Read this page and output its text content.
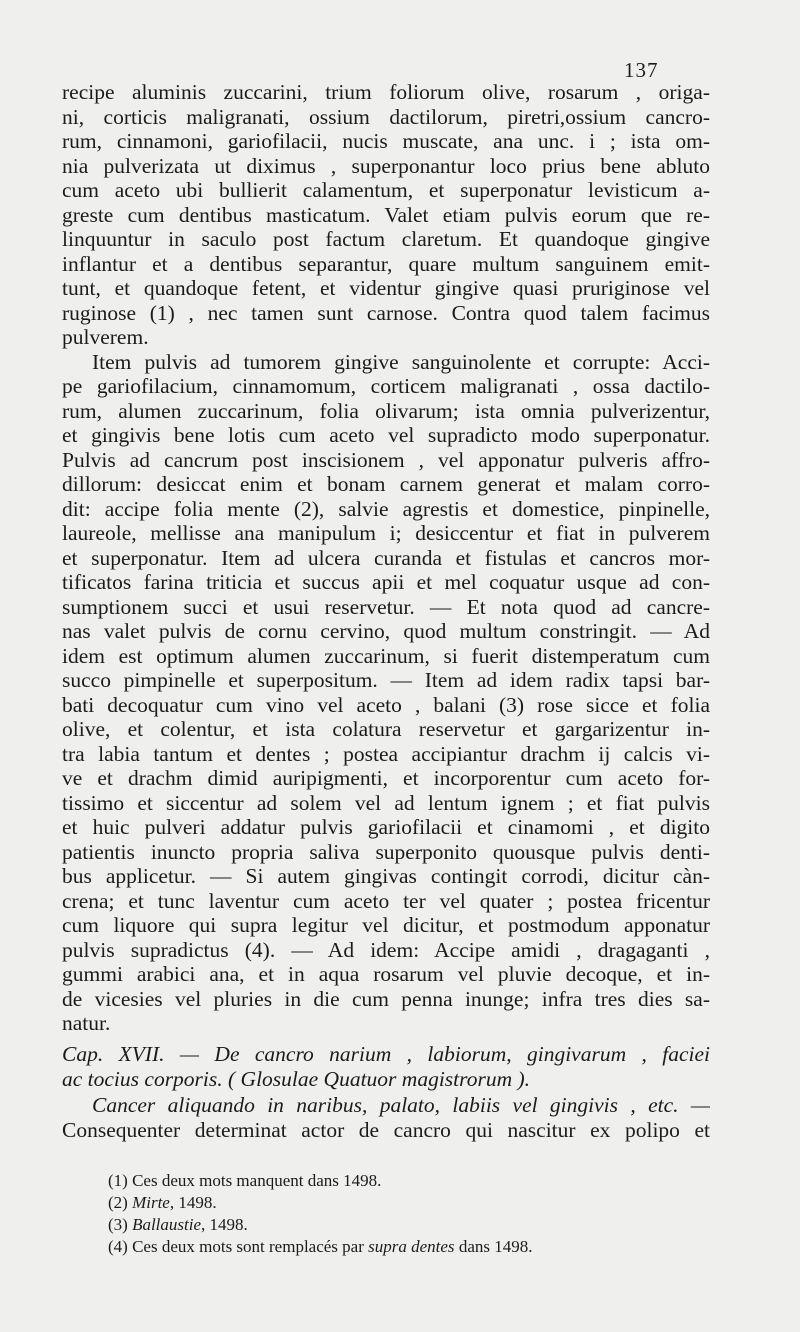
137
recipe aluminis zuccarini, trium foliorum olive, rosarum , origa-
ni, corticis maligranati, ossium dactilorum, piretri,ossium cancro-
rum, cinnamoni, gariofilacii, nucis muscate, ana unc. i ; ista om-
nia pulverizata ut diximus , superponantur loco prius bene abluto
cum aceto ubi bullierit calamentum, et superponatur levisticum a-
greste cum dentibus masticatum. Valet etiam pulvis eorum que re-
linquuntur in saculo post factum claretum. Et quandoque gingive
inflantur et a dentibus separantur, quare multum sanguinem emit-
tunt, et quandoque fetent, et videntur gingive quasi pruriginose vel
ruginose (1) , nec tamen sunt carnose. Contra quod talem facimus
pulverem.
Item pulvis ad tumorem gingive sanguinolente et corrupte: Acci-
pe gariofilacium, cinnamomum, corticem maligranati , ossa dactilo-
rum, alumen zuccarinum, folia olivarum; ista omnia pulverizentur,
et gingivis bene lotis cum aceto vel supradicto modo superponatur.
Pulvis ad cancrum post inscisionem , vel apponatur pulveris affro-
dillorum: desiccat enim et bonam carnem generat et malam corro-
dit: accipe folia mente (2), salvie agrestis et domestice, pinpinelle,
laureole, mellisse ana manipulum i; desiccentur et fiat in pulverem
et superponatur. Item ad ulcera curanda et fistulas et cancros mor-
tificatos farina triticia et succus apii et mel coquatur usque ad con-
sumptionem succi et usui reservetur. — Et nota quod ad cancre-
nas valet pulvis de cornu cervino, quod multum constringit. — Ad
idem est optimum alumen zuccarinum, si fuerit distemperatum cum
succo pimpinelle et superpositum. — Item ad idem radix tapsi bar-
bati decoquatur cum vino vel aceto , balani (3) rose sicce et folia
olive, et colentur, et ista colatura reservetur et gargarizentur in-
tra labia tantum et dentes ; postea accipiantur drachm ij calcis vi-
ve et drachm dimid auripigmenti, et incorporentur cum aceto for-
tissimo et siccentur ad solem vel ad lentum ignem ; et fiat pulvis
et huic pulveri addatur pulvis gariofilacii et cinamomi , et digito
patientis inuncto propria saliva superponito quousque pulvis denti-
bus applicetur. — Si autem gingivas contingit corrodi, dicitur càn-
crena; et tunc laventur cum aceto ter vel quater ; postea fricentur
cum liquore qui supra legitur vel dicitur, et postmodum apponatur
pulvis supradictus (4). — Ad idem: Accipe amidi , dragaganti ,
gummi arabici ana, et in aqua rosarum vel pluvie decoque, et in-
de vicesies vel pluries in die cum penna inunge; infra tres dies sa-
natur.
Cap. XVII. — De cancro narium , labiorum, gingivarum , faciei
ac tocius corporis. ( Glosulae Quatuor magistrorum ).
Cancer aliquando in naribus, palato, labiis vel gingivis , etc. —
Consequenter determinat actor de cancro qui nascitur ex polipo et
(1) Ces deux mots manquent dans 1498.
(2) Mirte, 1498.
(3) Ballaustie, 1498.
(4) Ces deux mots sont remplacés par supra dentes dans 1498.
